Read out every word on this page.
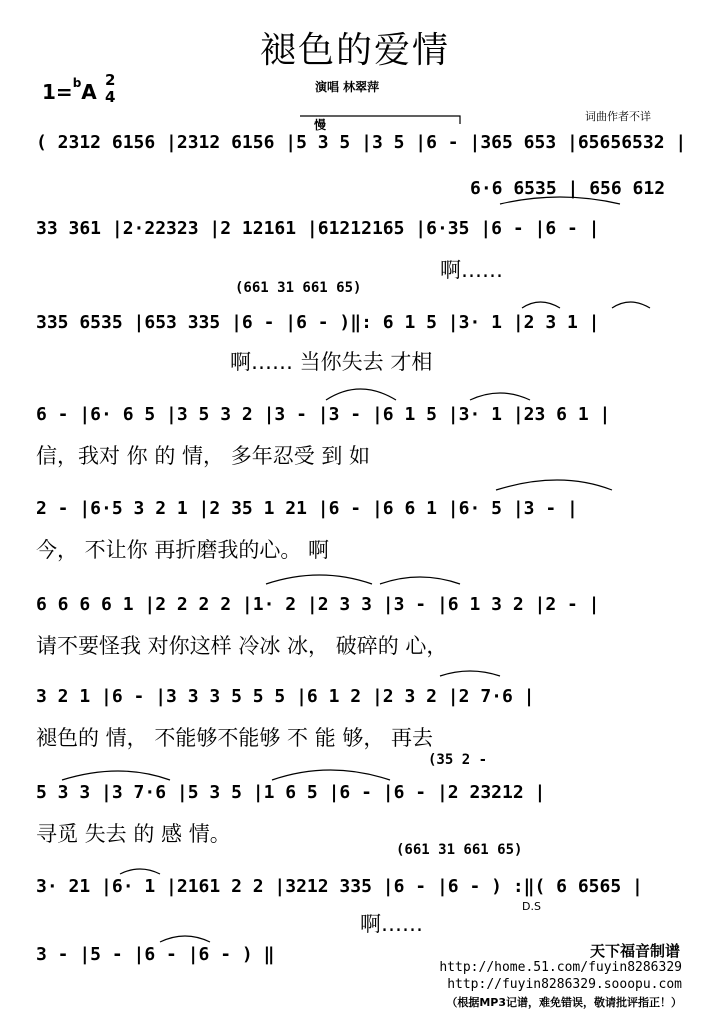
褪色的爱情
1=$^b$A 2
4
演唱 林翠萍
词曲作者不详
慢
( 2312 6156 |2312 6156 |5 3 5 |3 5 |6 - |365 653 |65656532 |
6·6 6535 | 656 612
33 361 |2·22323 |2 12161 |61212165 |6·35 |6 - |6 - |
啊……
(661 31 661 65)
335 6535 |653 335 |6 - |6 - )‖: 6 1 5 |3· 1 |2 3 1 |
啊…… 当你失去 才相
6 - |6· 6 5 |3 5 3 2 |3 - |3 - |6 1 5 |3· 1 |23 6 1 |
信，我对 你 的 情， 多年忍受 到 如
2 - |6·5 3 2 1 |2 35 1 21 |6 - |6 6 1 |6· 5 |3 - |
今， 不让你 再折磨我的心。 啊
6 6 6 6 1 |2 2 2 2 |1· 2 |2 3 3 |3 - |6 1 3 2 |2 - |
请不要怪我 对你这样 冷冰 冰， 破碎的 心，
3 2 1 |6 - |3 3 3 5 5 5 |6 1 2 |2 3 2 |2 7·6 |
褪色的 情， 不能够不能够 不 能 够， 再去
(35 2 -
5 3 3 |3 7·6 |5 3 5 |1 6 5 |6 - |6 - |2 23212 |
寻觅 失去 的 感 情。
(661 31 661 65)
3· 21 |6· 1 |2161 2 2 |3212 335 |6 - |6 - ) :‖( 6 6565 |
啊……
D.S
3 - |5 - |6 - |6 - ) ‖	天下福音制谱
http://home.51.com/fuyin8286329
http://fuyin8286329.sooopu.com
（根据MP3记谱，难免错误，敬请批评指正！）
